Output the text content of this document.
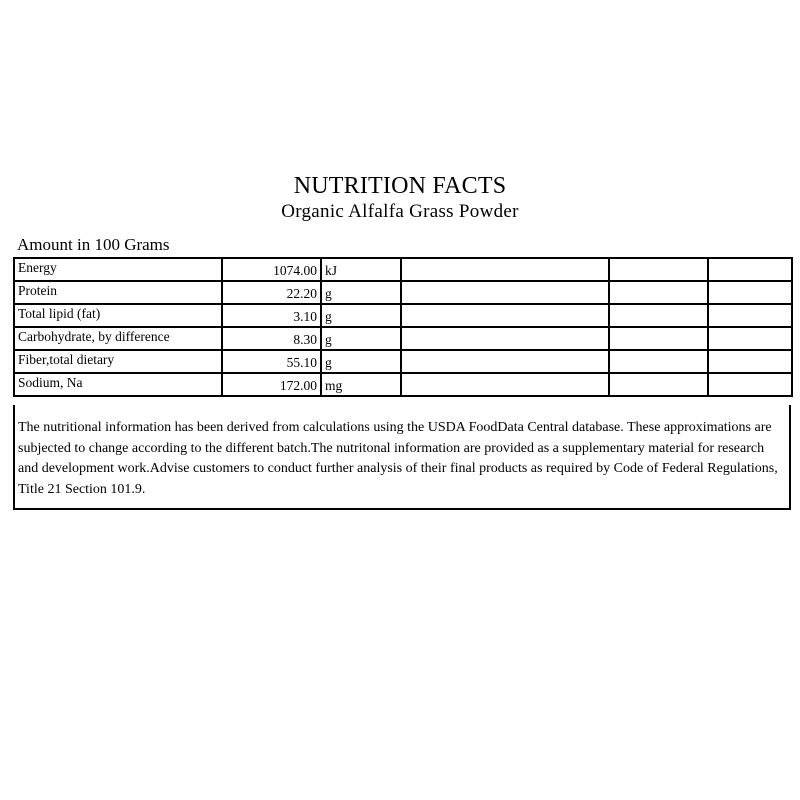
NUTRITION FACTS
Organic Alfalfa Grass Powder
Amount in 100 Grams
Energy	1074.00	kJ			
Protein	22.20	g			
Total lipid (fat)	3.10	g			
Carbohydrate, by difference	8.30	g			
Fiber,total dietary	55.10	g			
Sodium, Na	172.00	mg			
The nutritional information has been derived from calculations using the USDA FoodData Central database. These approximations are subjected to change according to the different batch.The nutritonal information are provided as a supplementary material for research and development work.Advise customers to conduct further analysis of their final products as required by Code of Federal Regulations, Title 21 Section 101.9.
